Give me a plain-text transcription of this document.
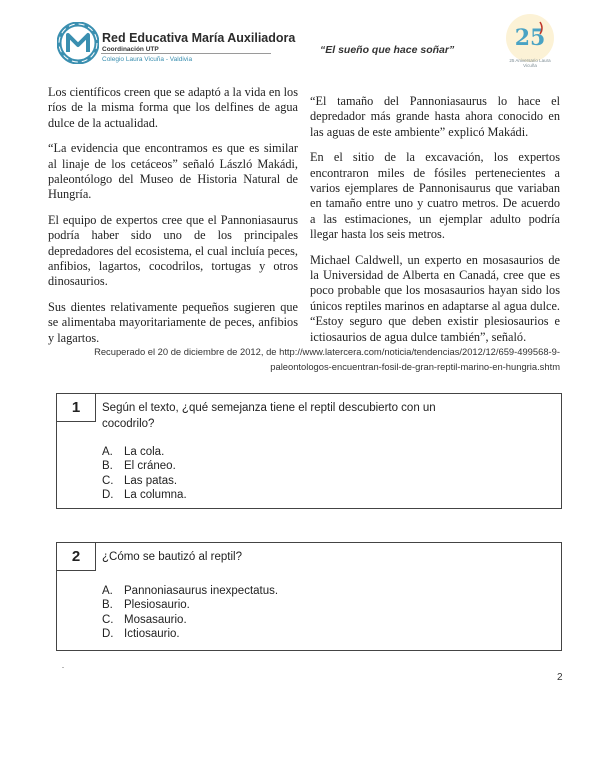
Red Educativa María Auxiliadora
Coordinación UTP
Colegio Laura Vicuña - Valdivia
“El sueño que hace soñar”	25
25 Aniversario Laura Vicuña

Los científicos creen que se adaptó a la vida en los ríos de la misma forma que los delfines de agua dulce de la actualidad.

“La evidencia que encontramos es que es similar al linaje de los cetáceos” señaló László Makádi, paleontólogo del Museo de Historia Natural de Hungría.

El equipo de expertos cree que el Pannoniasaurus podría haber sido uno de los principales depredadores del ecosistema, el cual incluía peces, anfibios, lagartos, cocodrilos, tortugas y otros dinosaurios.

Sus dientes relativamente pequeños sugieren que se alimentaba mayoritariamente de peces, anfibios y lagartos.

“El tamaño del Pannoniasaurus lo hace el depredador más grande hasta ahora conocido en las aguas de este ambiente” explicó Makádi.

En el sitio de la excavación, los expertos encontraron miles de fósiles pertenecientes a varios ejemplares de Pannonisaurus que variaban en tamaño entre uno y cuatro metros. De acuerdo a las estimaciones, un ejemplar adulto podría llegar hasta los seis metros.

Michael Caldwell, un experto en mosasaurios de la Universidad de Alberta en Canadá, cree que es poco probable que los mosasaurios hayan sido los únicos reptiles marinos en adaptarse al agua dulce. “Estoy seguro que deben existir plesiosaurios e ictiosaurios de agua dulce también”, señaló.

Recuperado el 20 de diciembre de 2012, de http://www.latercera.com/noticia/tendencias/2012/12/659-499568-9-
paleontologos-encuentran-fosil-de-gran-reptil-marino-en-hungria.shtm
1	Según el texto, ¿qué semejanza tiene el reptil descubierto con un
cocodrilo?
A. La cola.
B. El cráneo.
C. Las patas.
D. La columna.
2	¿Cómo se bautizó al reptil?
A. Pannoniasaurus inexpectatus.
B. Plesiosaurio.
C. Mosasaurio.
D. Ictiosaurio.
.
2
